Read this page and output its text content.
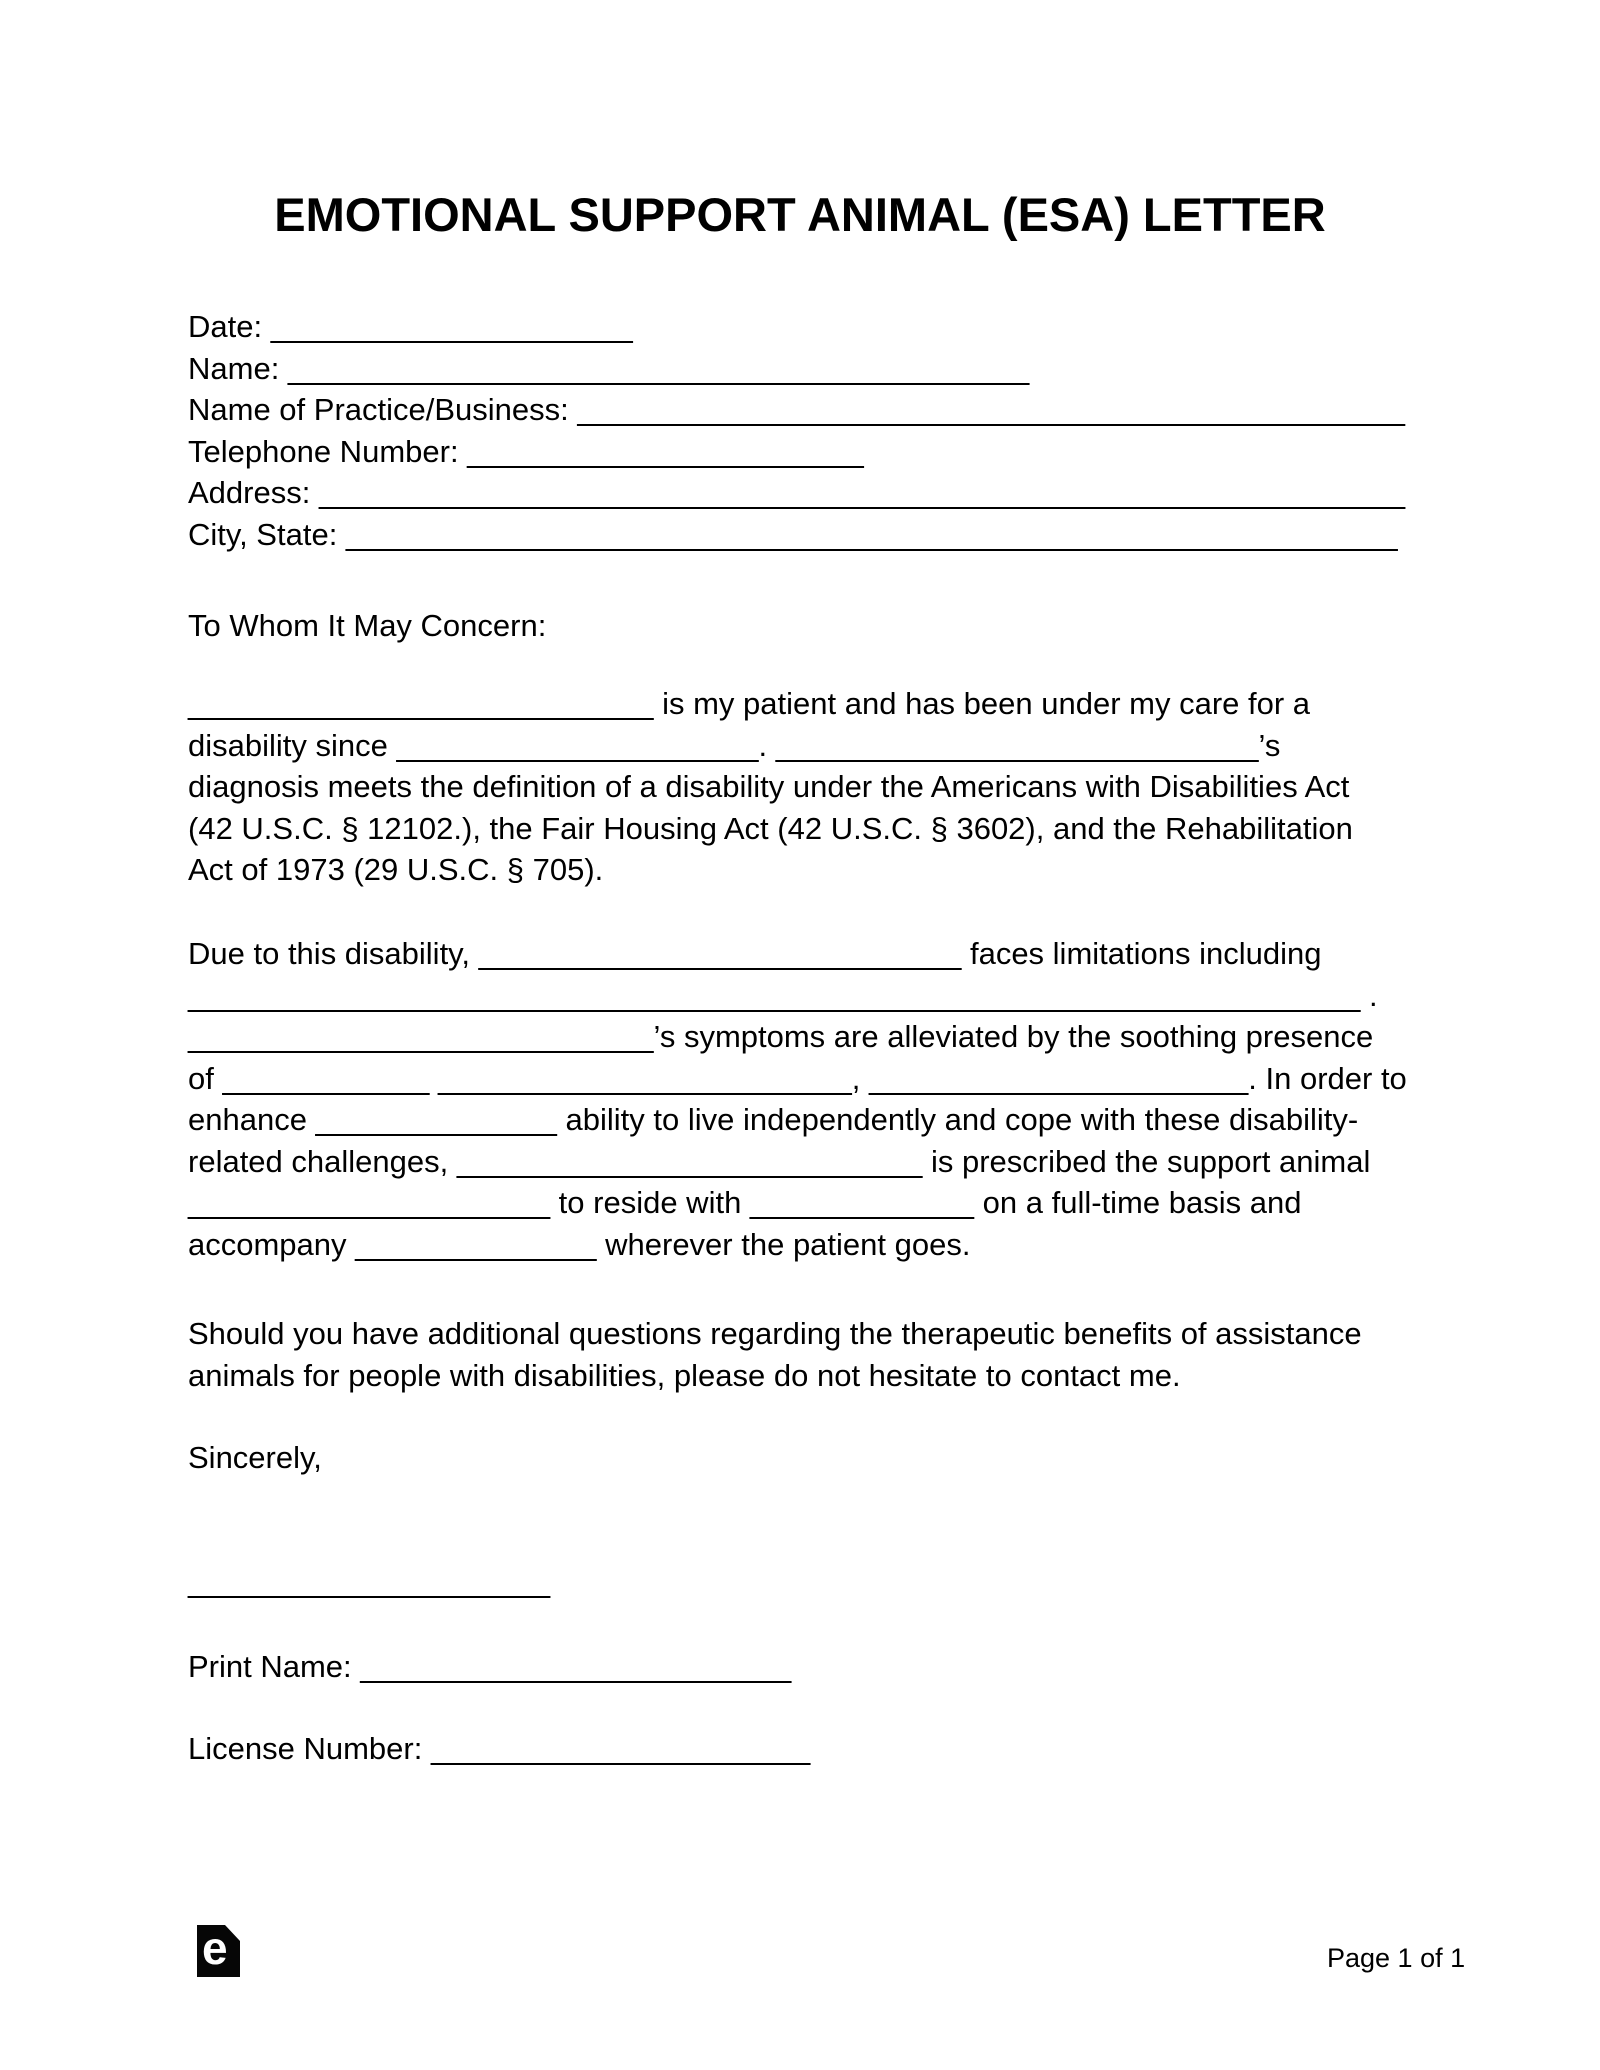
EMOTIONAL SUPPORT ANIMAL (ESA) LETTER
Date: _____________________
Name: ___________________________________________
Name of Practice/Business: ________________________________________________
Telephone Number: _______________________
Address: _______________________________________________________________
City, State: _____________________________________________________________
To Whom It May Concern:
___________________________ is my patient and has been under my care for a
disability since _____________________. ____________________________’s
diagnosis meets the definition of a disability under the Americans with Disabilities Act
(42 U.S.C. § 12102.), the Fair Housing Act (42 U.S.C. § 3602), and the Rehabilitation
Act of 1973 (29 U.S.C. § 705).
Due to this disability, ____________________________ faces limitations including
____________________________________________________________________ .
___________________________’s symptoms are alleviated by the soothing presence
of ____________ ________________________, ______________________. In order to
enhance ______________ ability to live independently and cope with these disability-
related challenges, ___________________________ is prescribed the support animal
_____________________ to reside with _____________ on a full-time basis and
accompany ______________ wherever the patient goes.
Should you have additional questions regarding the therapeutic benefits of assistance
animals for people with disabilities, please do not hesitate to contact me.
Sincerely,
_____________________
Print Name: _________________________
License Number: ______________________
e	Page 1 of 1
